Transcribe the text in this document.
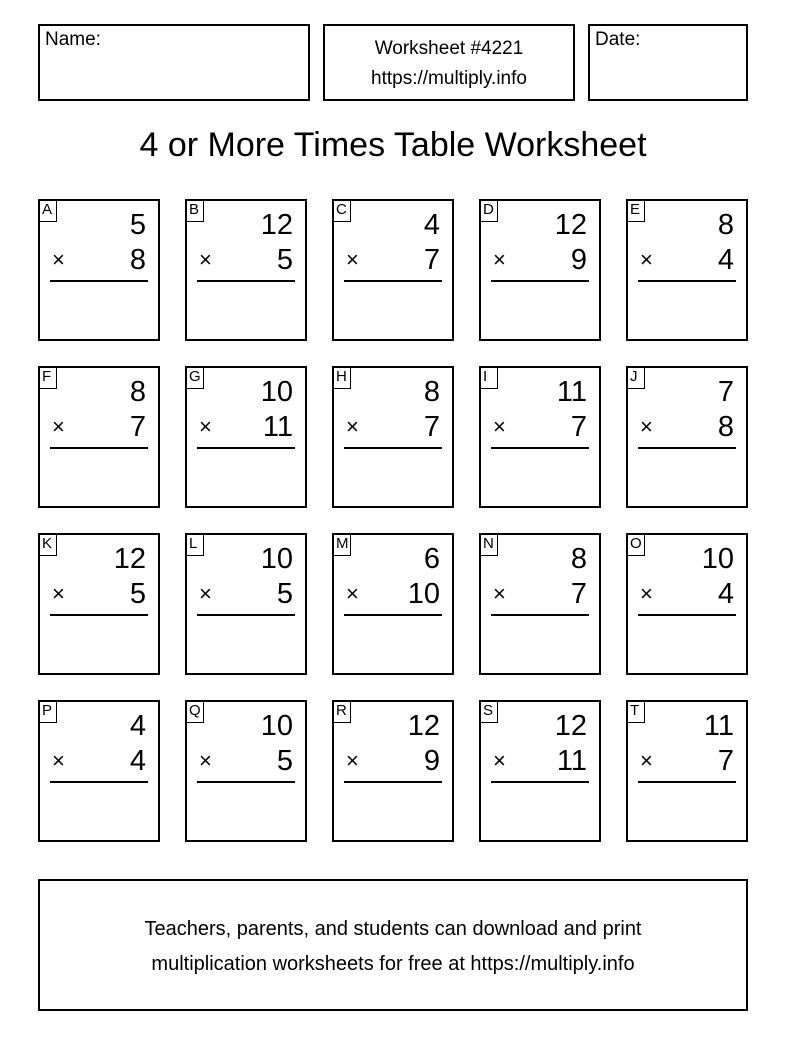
Name:	Worksheet #4221
https://multiply.info
Date:
4 or More Times Table Worksheet
A	5
× 8
B 12
× 5
C	4
× 7
D 12
× 9
E	8
× 4
F	8
× 7
G 10
× 11
H	8
× 7
I	11
× 7
J	7
× 8
K 12
× 5
L 10
× 5
M	6
× 10
N	8
× 7
O 10
× 4
P	4
× 4
Q 10
× 5
R 12
× 9
S 12
× 11
T 11
× 7
Teachers, parents, and students can download and print
multiplication worksheets for free at https://multiply.info
